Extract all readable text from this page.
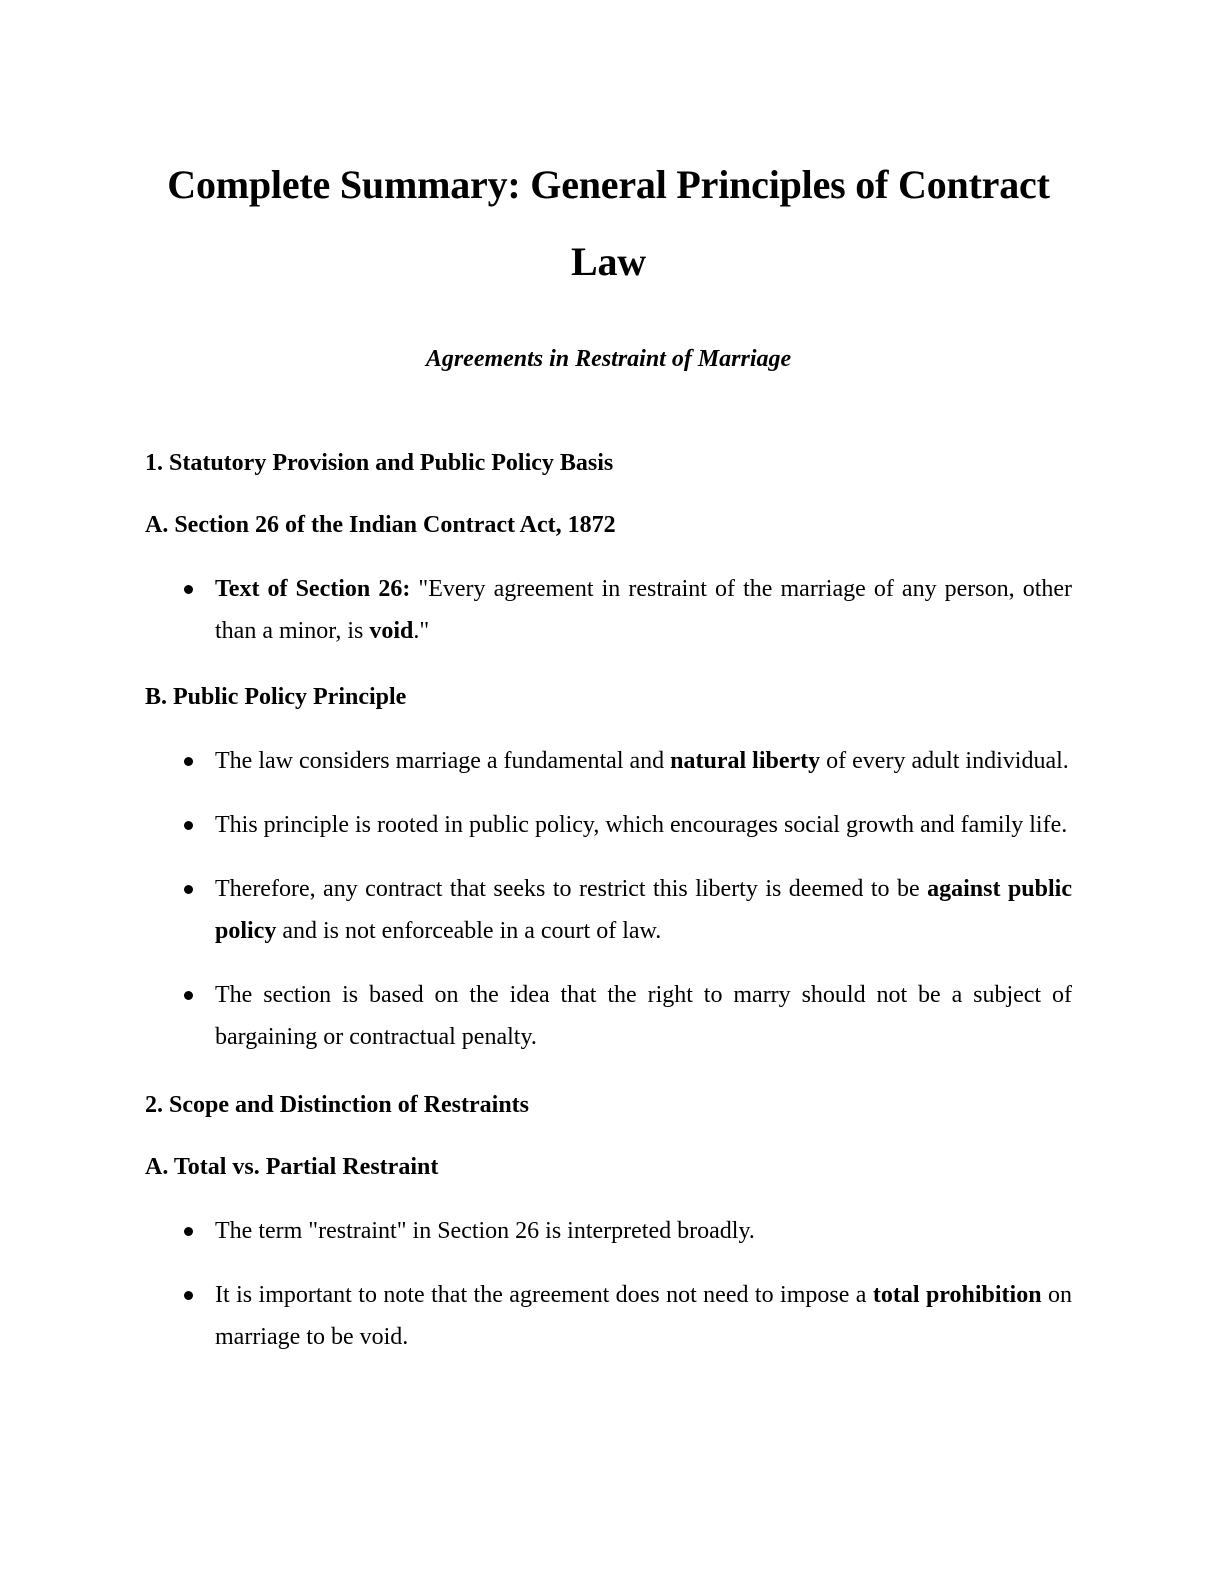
Complete Summary: General Principles of Contract Law
Agreements in Restraint of Marriage
1. Statutory Provision and Public Policy Basis
A. Section 26 of the Indian Contract Act, 1872
Text of Section 26: "Every agreement in restraint of the marriage of any person, other than a minor, is void."
B. Public Policy Principle
The law considers marriage a fundamental and natural liberty of every adult individual.
This principle is rooted in public policy, which encourages social growth and family life.
Therefore, any contract that seeks to restrict this liberty is deemed to be against public policy and is not enforceable in a court of law.
The section is based on the idea that the right to marry should not be a subject of bargaining or contractual penalty.
2. Scope and Distinction of Restraints
A. Total vs. Partial Restraint
The term "restraint" in Section 26 is interpreted broadly.
It is important to note that the agreement does not need to impose a total prohibition on marriage to be void.
